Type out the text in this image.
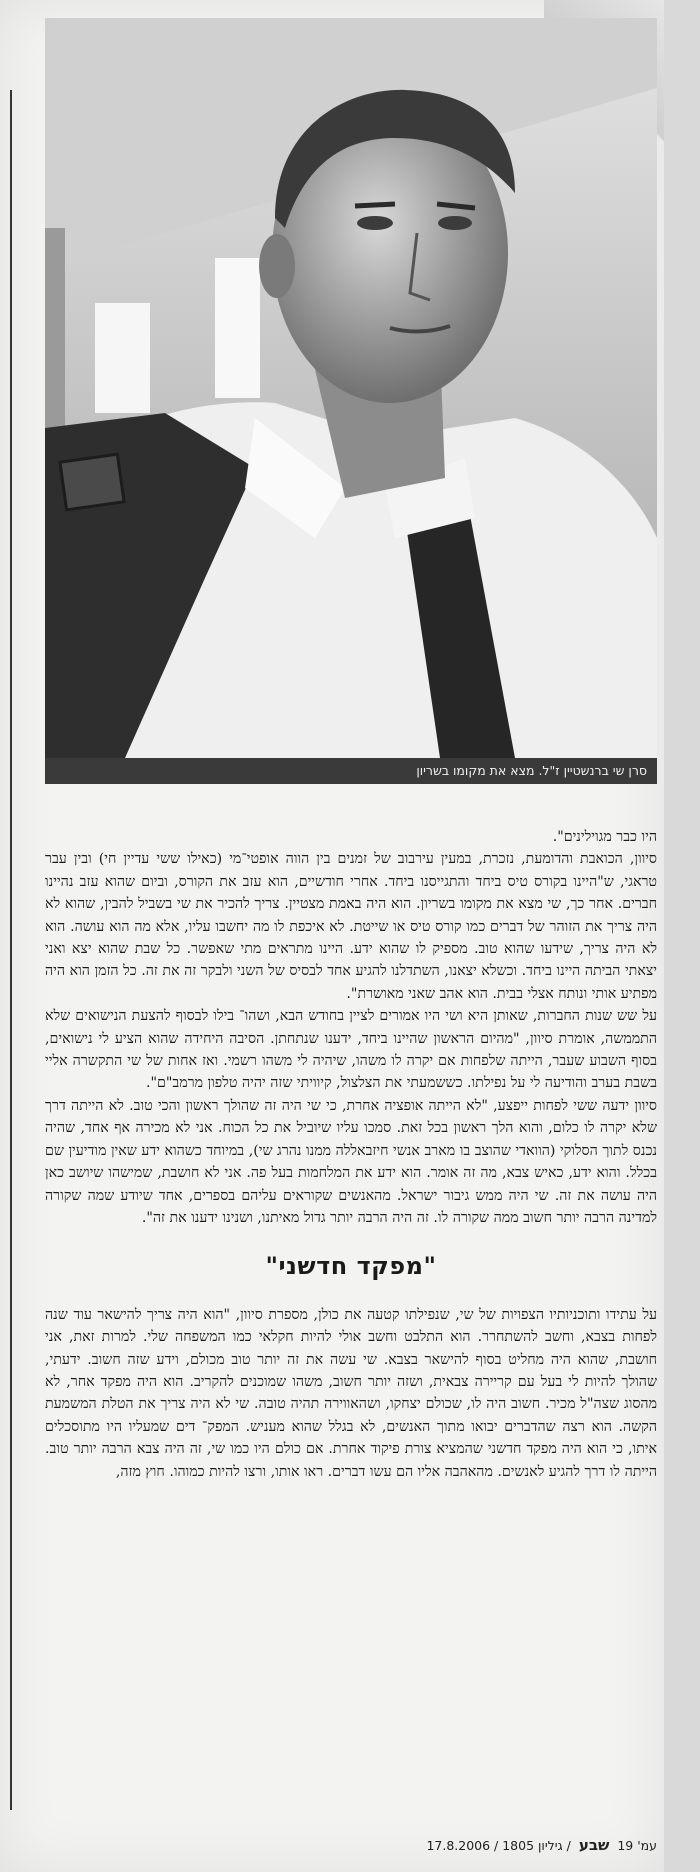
סרן שי ברנשטיין ז"ל. מצא את מקומו בשריון

היו כבר מגוילינים".

סיוון, הכואבת והדומעת, נזכרת, במעין עירבוב של זמנים בין הווה אופטי־מי (כאילו ששי עדיין חי) ובין עבר טראגי, ש"היינו בקורס טיס ביחד והתגייסנו ביחד. אחרי חודשיים, הוא עזב את הקורס, וביום שהוא עזב נהיינו חברים. אחר כך, שי מצא את מקומו בשריון. הוא היה באמת מצטיין. צריך להכיר את שי בשביל להבין, שהוא לא היה צריך את הזוהר של דברים כמו קורס טיס או שייטת. לא איכפת לו מה יחשבו עליו, אלא מה הוא עושה. הוא לא היה צריך, שידעו שהוא טוב. מספיק לו שהוא ידע. היינו מתראים מתי שאפשר. כל שבת שהוא יצא ואני יצאתי הביתה היינו ביחד. וכשלא יצאנו, השתדלנו להגיע אחד לבסיס של השני ולבקר זה את זה. כל הזמן הוא היה מפתיע אותי ונותח אצלי בבית. הוא אהב שאני מאושרת".

על שש שנות החברות, שאותן היא ושי היו אמורים לציין בחודש הבא, ושהו־ בילו לבסוף להצעת הנישואים שלא התממשה, אומרת סיוון, "מהיום הראשון שהיינו ביחד, ידענו שנתחתן. הסיבה היחידה שהוא הציע לי נישואים, בסוף השבוע שעבר, הייתה שלפחות אם יקרה לו משהו, שיהיה לי משהו רשמי. ואז אחות של שי התקשרה אליי בשבת בערב והודיעה לי על נפילתו. כששמעתי את הצלצול, קיוויתי שזה יהיה טלפון מרמב"ם".

סיוון ידעה ששי לפחות ייפצע, "לא הייתה אופציה אחרת, כי שי היה זה שהולך ראשון והכי טוב. לא הייתה דרך שלא יקרה לו כלום, והוא הלך ראשון בכל זאת. סמכו עליו שיוביל את כל הכוח. אני לא מכירה אף אחד, שהיה נכנס לתוך הסלוקי (הוואדי שהוצב בו מארב אנשי חיזבאללה ממנו נהרג שי), במיוחד כשהוא ידע שאין מודיעין שם בכלל. והוא ידע, כאיש צבא, מה זה אומר. הוא ידע את המלחמות בעל פה. אני לא חושבת, שמישהו שיושב כאן היה עושה את זה. שי היה ממש גיבור ישראל. מהאנשים שקוראים עליהם בספרים, אחד שיודע שמה שקורה למדינה הרבה יותר חשוב ממה שקורה לו. זה היה הרבה יותר גדול מאיתנו, ושנינו ידענו את זה".

"מפקד חדשני"

על עתידו ותוכניותיו הצפויות של שי, שנפילתו קטעה את כולן, מספרת סיוון, "הוא היה צריך להישאר עוד שנה לפחות בצבא, וחשב להשתחרר. הוא התלבט וחשב אולי להיות חקלאי כמו המשפחה שלי. למרות זאת, אני חושבת, שהוא היה מחליט בסוף להישאר בצבא. שי עשה את זה יותר טוב מכולם, וידע שזה חשוב. ידעתי, שהולך להיות לי בעל עם קריירה צבאית, ושזה יותר חשוב, משהו שמוכנים להקריב. הוא היה מפקד אחר, לא מהסוג שצה"ל מכיר. חשוב היה לו, שכולם יצחקו, ושהאווירה תהיה טובה. שי לא היה צריך את הטלת המשמעת הקשה. הוא רצה שהדברים יבואו מתוך האנשים, לא בגלל שהוא מעניש. המפק־ דים שמעליו היו מתוסכלים איתו, כי הוא היה מפקד חדשני שהמציא צורת פיקוד אחרת. אם כולם היו כמו שי, זה היה צבא הרבה יותר טוב. הייתה לו דרך להגיע לאנשים. מהאהבה אליו הם עשו דברים. ראו אותו, ורצו להיות כמוהו. חוץ מזה,

עמ' 19 שבע / גיליון 1805 / 17.8.2006
